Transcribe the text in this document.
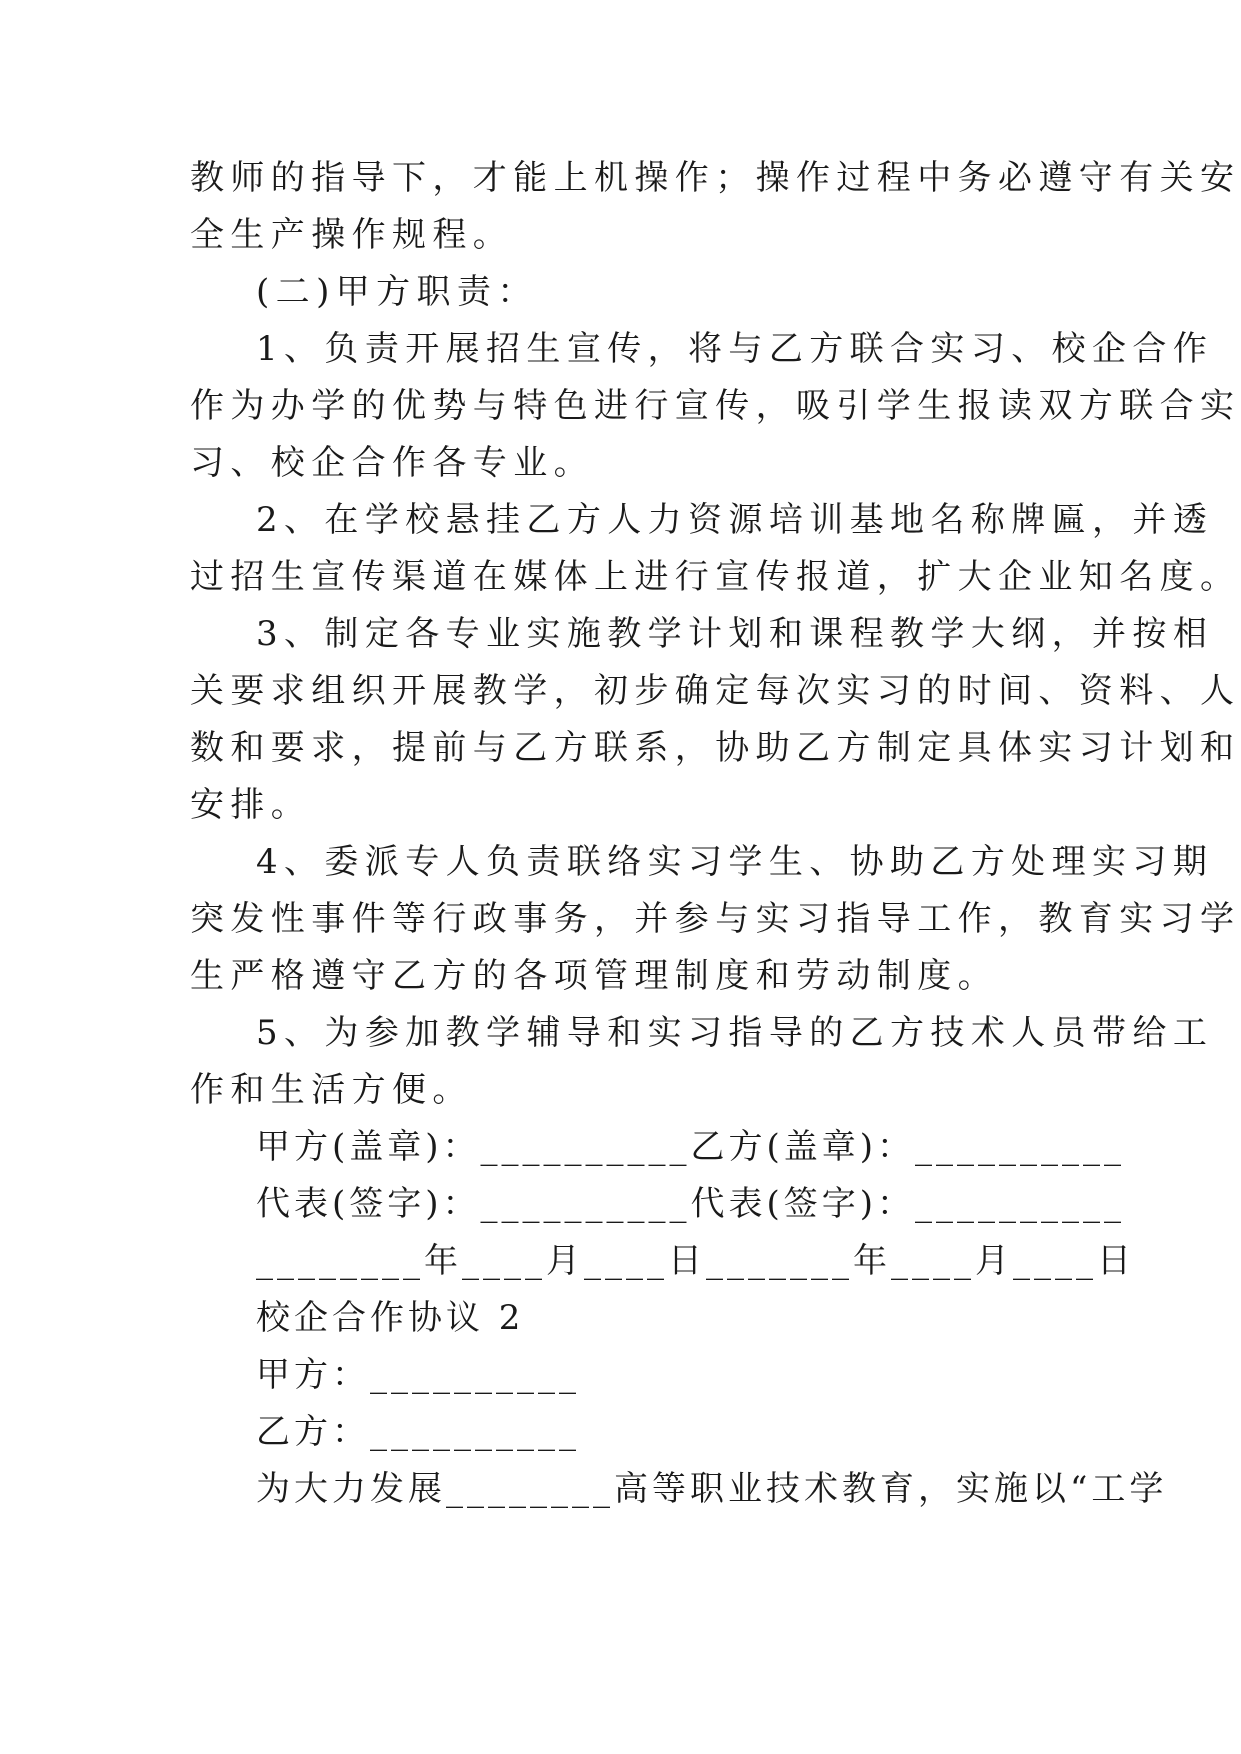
教师的指导下，才能上机操作；操作过程中务必遵守有关安
全生产操作规程。
(二)甲方职责：
1、负责开展招生宣传，将与乙方联合实习、校企合作
作为办学的优势与特色进行宣传，吸引学生报读双方联合实
习、校企合作各专业。
2、在学校悬挂乙方人力资源培训基地名称牌匾，并透
过招生宣传渠道在媒体上进行宣传报道，扩大企业知名度。
3、制定各专业实施教学计划和课程教学大纲，并按相
关要求组织开展教学，初步确定每次实习的时间、资料、人
数和要求，提前与乙方联系，协助乙方制定具体实习计划和
安排。
4、委派专人负责联络实习学生、协助乙方处理实习期
突发性事件等行政事务，并参与实习指导工作，教育实习学
生严格遵守乙方的各项管理制度和劳动制度。
5、为参加教学辅导和实习指导的乙方技术人员带给工
作和生活方便。
甲方(盖章)：__________乙方(盖章)：__________
代表(签字)：__________代表(签字)：__________
________年____月____日_______年____月____日
校企合作协议 2
甲方：__________
乙方：__________
为大力发展________高等职业技术教育，实施以“工学
